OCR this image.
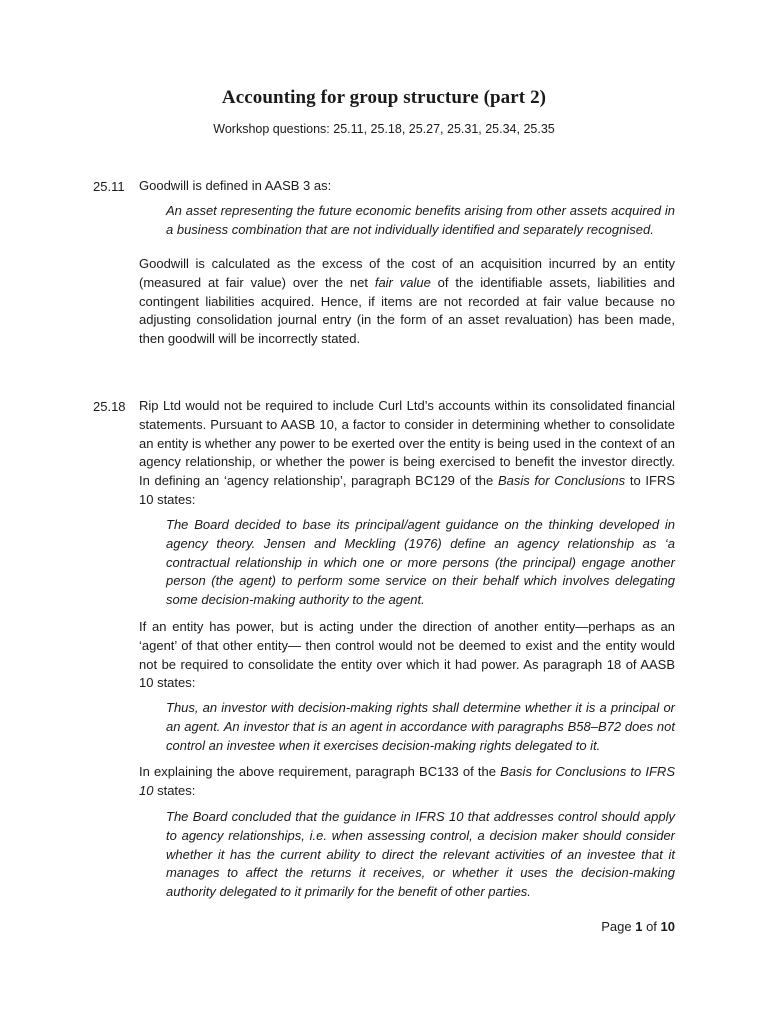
Accounting for group structure (part 2)
Workshop questions: 25.11, 25.18, 25.27, 25.31, 25.34, 25.35
25.11 Goodwill is defined in AASB 3 as:

An asset representing the future economic benefits arising from other assets acquired in a business combination that are not individually identified and separately recognised.

Goodwill is calculated as the excess of the cost of an acquisition incurred by an entity (measured at fair value) over the net fair value of the identifiable assets, liabilities and contingent liabilities acquired. Hence, if items are not recorded at fair value because no adjusting consolidation journal entry (in the form of an asset revaluation) has been made, then goodwill will be incorrectly stated.

25.18 Rip Ltd would not be required to include Curl Ltd’s accounts within its consolidated financial statements. Pursuant to AASB 10, a factor to consider in determining whether to consolidate an entity is whether any power to be exerted over the entity is being used in the context of an agency relationship, or whether the power is being exercised to benefit the investor directly. In defining an ‘agency relationship’, paragraph BC129 of the Basis for Conclusions to IFRS 10 states:

The Board decided to base its principal/agent guidance on the thinking developed in agency theory. Jensen and Meckling (1976) define an agency relationship as ‘a contractual relationship in which one or more persons (the principal) engage another person (the agent) to perform some service on their behalf which involves delegating some decision-making authority to the agent.

If an entity has power, but is acting under the direction of another entity—perhaps as an ‘agent’ of that other entity— then control would not be deemed to exist and the entity would not be required to consolidate the entity over which it had power. As paragraph 18 of AASB 10 states:

Thus, an investor with decision-making rights shall determine whether it is a principal or an agent. An investor that is an agent in accordance with paragraphs B58–B72 does not control an investee when it exercises decision-making rights delegated to it.

In explaining the above requirement, paragraph BC133 of the Basis for Conclusions to IFRS 10 states:

The Board concluded that the guidance in IFRS 10 that addresses control should apply to agency relationships, i.e. when assessing control, a decision maker should consider whether it has the current ability to direct the relevant activities of an investee that it manages to affect the returns it receives, or whether it uses the decision-making authority delegated to it primarily for the benefit of other parties.

Page 1 of 10
